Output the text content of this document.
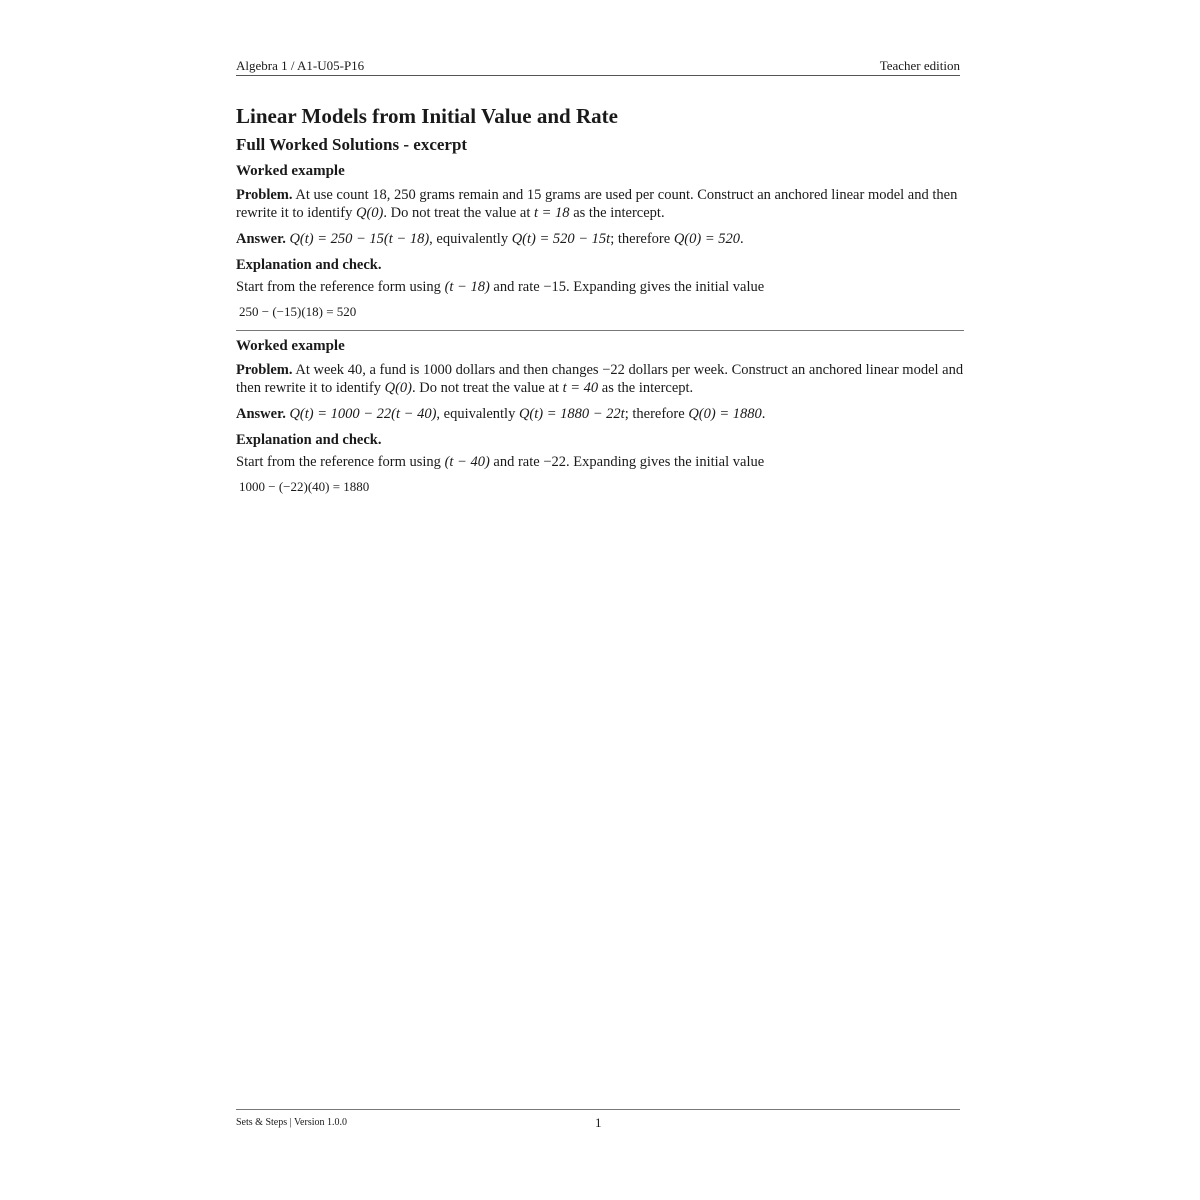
Algebra 1 / A1-U05-P16	Teacher edition
Linear Models from Initial Value and Rate
Full Worked Solutions - excerpt
Worked example

Problem. At use count 18, 250 grams remain and 15 grams are used per count. Construct an anchored linear model and then rewrite it to identify Q(0). Do not treat the value at t = 18 as the intercept.

Answer. Q(t) = 250 − 15(t − 18), equivalently Q(t) = 520 − 15t; therefore Q(0) = 520.

Explanation and check.

Start from the reference form using (t − 18) and rate −15. Expanding gives the initial value

250 − (−15)(18) = 520
Worked example

Problem. At week 40, a fund is 1000 dollars and then changes −22 dollars per week. Construct an anchored linear model and then rewrite it to identify Q(0). Do not treat the value at t = 40 as the intercept.

Answer. Q(t) = 1000 − 22(t − 40), equivalently Q(t) = 1880 − 22t; therefore Q(0) = 1880.

Explanation and check.

Start from the reference form using (t − 40) and rate −22. Expanding gives the initial value

1000 − (−22)(40) = 1880
Sets & Steps | Version 1.0.0	1
